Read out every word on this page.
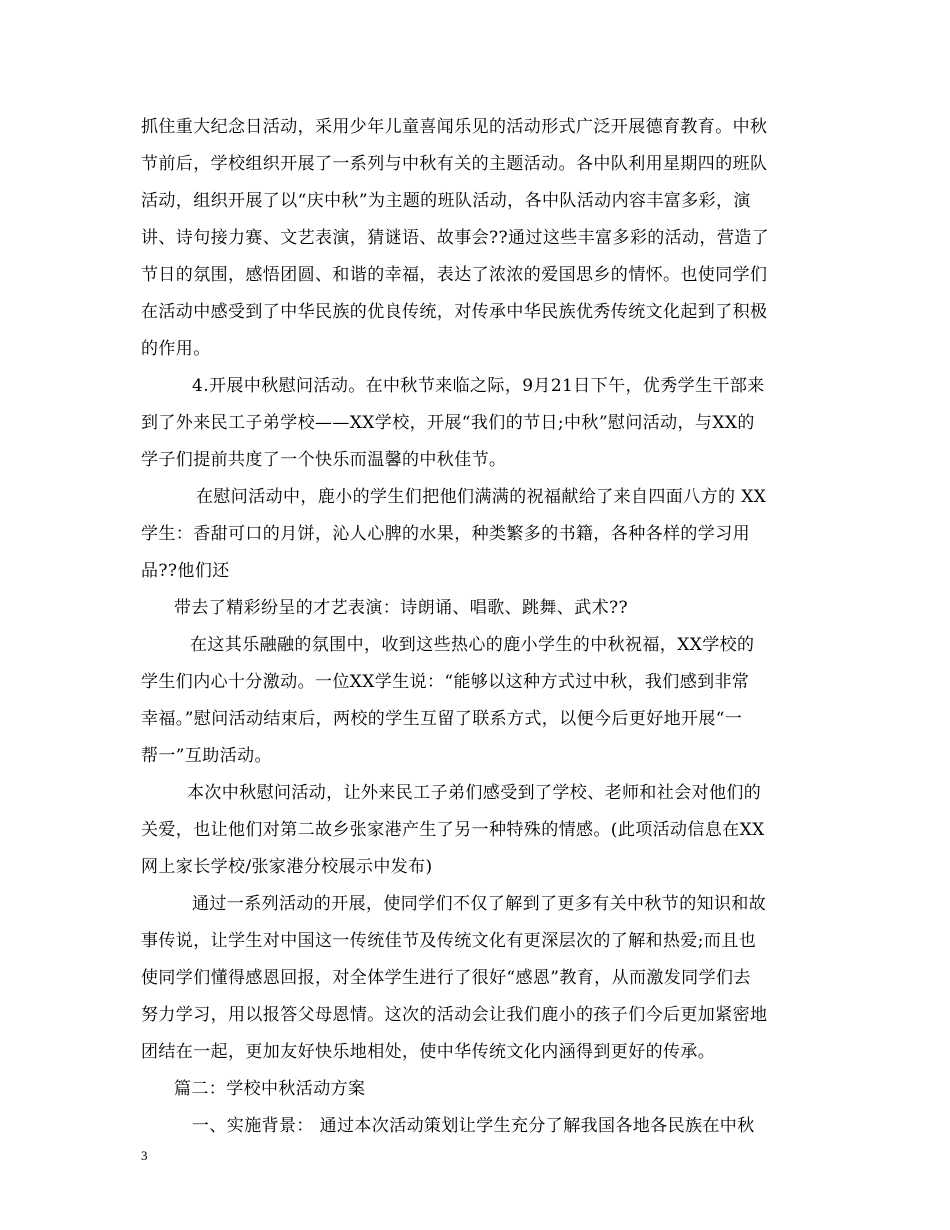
抓住重大纪念日活动，采用少年儿童喜闻乐见的活动形式广泛开展德育教育。中秋
节前后，学校组织开展了一系列与中秋有关的主题活动。各中队利用星期四的班队
活动，组织开展了以“庆中秋”为主题的班队活动，各中队活动内容丰富多彩，演
讲、诗句接力赛、文艺表演，猜谜语、故事会??通过这些丰富多彩的活动，营造了
节日的氛围，感悟团圆、和谐的幸福，表达了浓浓的爱国思乡的情怀。也使同学们
在活动中感受到了中华民族的优良传统，对传承中华民族优秀传统文化起到了积极
的作用。
4.开展中秋慰问活动。在中秋节来临之际，9月21日下午，优秀学生干部来
到了外来民工子弟学校——XX学校，开展“我们的节日;中秋”慰问活动，与XX的
学子们提前共度了一个快乐而温馨的中秋佳节。
在慰问活动中，鹿小的学生们把他们满满的祝福献给了来自四面八方的 XX
学生：香甜可口的月饼，沁人心脾的水果，种类繁多的书籍，各种各样的学习用
品??他们还
带去了精彩纷呈的才艺表演：诗朗诵、唱歌、跳舞、武术??
在这其乐融融的氛围中，收到这些热心的鹿小学生的中秋祝福，XX学校的
学生们内心十分激动。一位XX学生说：“能够以这种方式过中秋，我们感到非常
幸福。”慰问活动结束后，两校的学生互留了联系方式，以便今后更好地开展“一
帮一”互助活动。
本次中秋慰问活动，让外来民工子弟们感受到了学校、老师和社会对他们的
关爱，也让他们对第二故乡张家港产生了另一种特殊的情感。(此项活动信息在XX
网上家长学校/张家港分校展示中发布)
通过一系列活动的开展，使同学们不仅了解到了更多有关中秋节的知识和故
事传说，让学生对中国这一传统佳节及传统文化有更深层次的了解和热爱;而且也
使同学们懂得感恩回报，对全体学生进行了很好“感恩”教育，从而激发同学们去
努力学习，用以报答父母恩情。这次的活动会让我们鹿小的孩子们今后更加紧密地
团结在一起，更加友好快乐地相处，使中华传统文化内涵得到更好的传承。
篇二：学校中秋活动方案
一、实施背景： 通过本次活动策划让学生充分了解我国各地各民族在中秋
3
